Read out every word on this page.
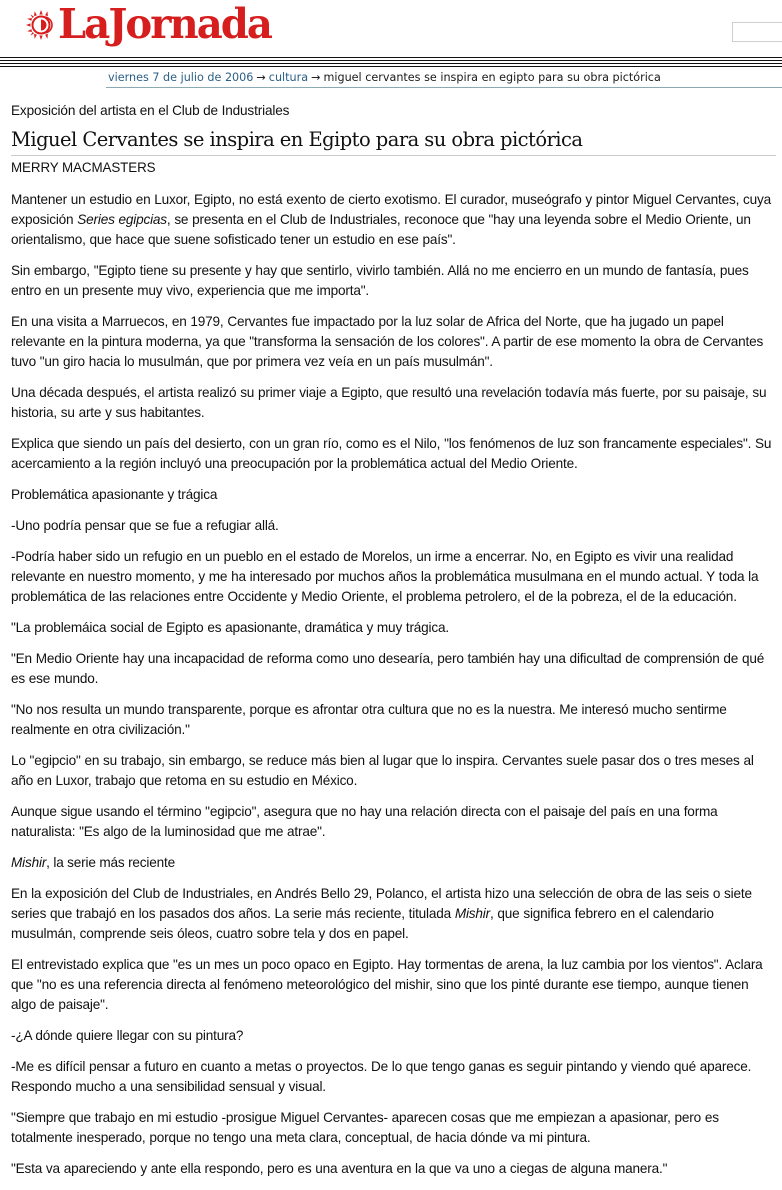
LaJornada
viernes 7 de julio de 2006 → cultura → miguel cervantes se inspira en egipto para su obra pictórica
Exposición del artista en el Club de Industriales
Miguel Cervantes se inspira en Egipto para su obra pictórica
MERRY MACMASTERS

Mantener un estudio en Luxor, Egipto, no está exento de cierto exotismo. El curador, museógrafo y pintor Miguel Cervantes, cuya exposición Series egipcias, se presenta en el Club de Industriales, reconoce que "hay una leyenda sobre el Medio Oriente, un orientalismo, que hace que suene sofisticado tener un estudio en ese país".

Sin embargo, "Egipto tiene su presente y hay que sentirlo, vivirlo también. Allá no me encierro en un mundo de fantasía, pues entro en un presente muy vivo, experiencia que me importa".

En una visita a Marruecos, en 1979, Cervantes fue impactado por la luz solar de Africa del Norte, que ha jugado un papel relevante en la pintura moderna, ya que "transforma la sensación de los colores". A partir de ese momento la obra de Cervantes tuvo "un giro hacia lo musulmán, que por primera vez veía en un país musulmán".

Una década después, el artista realizó su primer viaje a Egipto, que resultó una revelación todavía más fuerte, por su paisaje, su historia, su arte y sus habitantes.

Explica que siendo un país del desierto, con un gran río, como es el Nilo, "los fenómenos de luz son francamente especiales". Su acercamiento a la región incluyó una preocupación por la problemática actual del Medio Oriente.

Problemática apasionante y trágica

-Uno podría pensar que se fue a refugiar allá.

-Podría haber sido un refugio en un pueblo en el estado de Morelos, un irme a encerrar. No, en Egipto es vivir una realidad relevante en nuestro momento, y me ha interesado por muchos años la problemática musulmana en el mundo actual. Y toda la problemática de las relaciones entre Occidente y Medio Oriente, el problema petrolero, el de la pobreza, el de la educación.

"La problemáica social de Egipto es apasionante, dramática y muy trágica.

"En Medio Oriente hay una incapacidad de reforma como uno desearía, pero también hay una dificultad de comprensión de qué es ese mundo.

"No nos resulta un mundo transparente, porque es afrontar otra cultura que no es la nuestra. Me interesó mucho sentirme realmente en otra civilización."

Lo "egipcio" en su trabajo, sin embargo, se reduce más bien al lugar que lo inspira. Cervantes suele pasar dos o tres meses al año en Luxor, trabajo que retoma en su estudio en México.

Aunque sigue usando el término "egipcio", asegura que no hay una relación directa con el paisaje del país en una forma naturalista: "Es algo de la luminosidad que me atrae".

Mishir, la serie más reciente

En la exposición del Club de Industriales, en Andrés Bello 29, Polanco, el artista hizo una selección de obra de las seis o siete series que trabajó en los pasados dos años. La serie más reciente, titulada Mishir, que significa febrero en el calendario musulmán, comprende seis óleos, cuatro sobre tela y dos en papel.

El entrevistado explica que "es un mes un poco opaco en Egipto. Hay tormentas de arena, la luz cambia por los vientos". Aclara que "no es una referencia directa al fenómeno meteorológico del mishir, sino que los pinté durante ese tiempo, aunque tienen algo de paisaje".

-¿A dónde quiere llegar con su pintura?

-Me es difícil pensar a futuro en cuanto a metas o proyectos. De lo que tengo ganas es seguir pintando y viendo qué aparece. Respondo mucho a una sensibilidad sensual y visual.

"Siempre que trabajo en mi estudio -prosigue Miguel Cervantes- aparecen cosas que me empiezan a apasionar, pero es totalmente inesperado, porque no tengo una meta clara, conceptual, de hacia dónde va mi pintura.

"Esta va apareciendo y ante ella respondo, pero es una aventura en la que va uno a ciegas de alguna manera."
